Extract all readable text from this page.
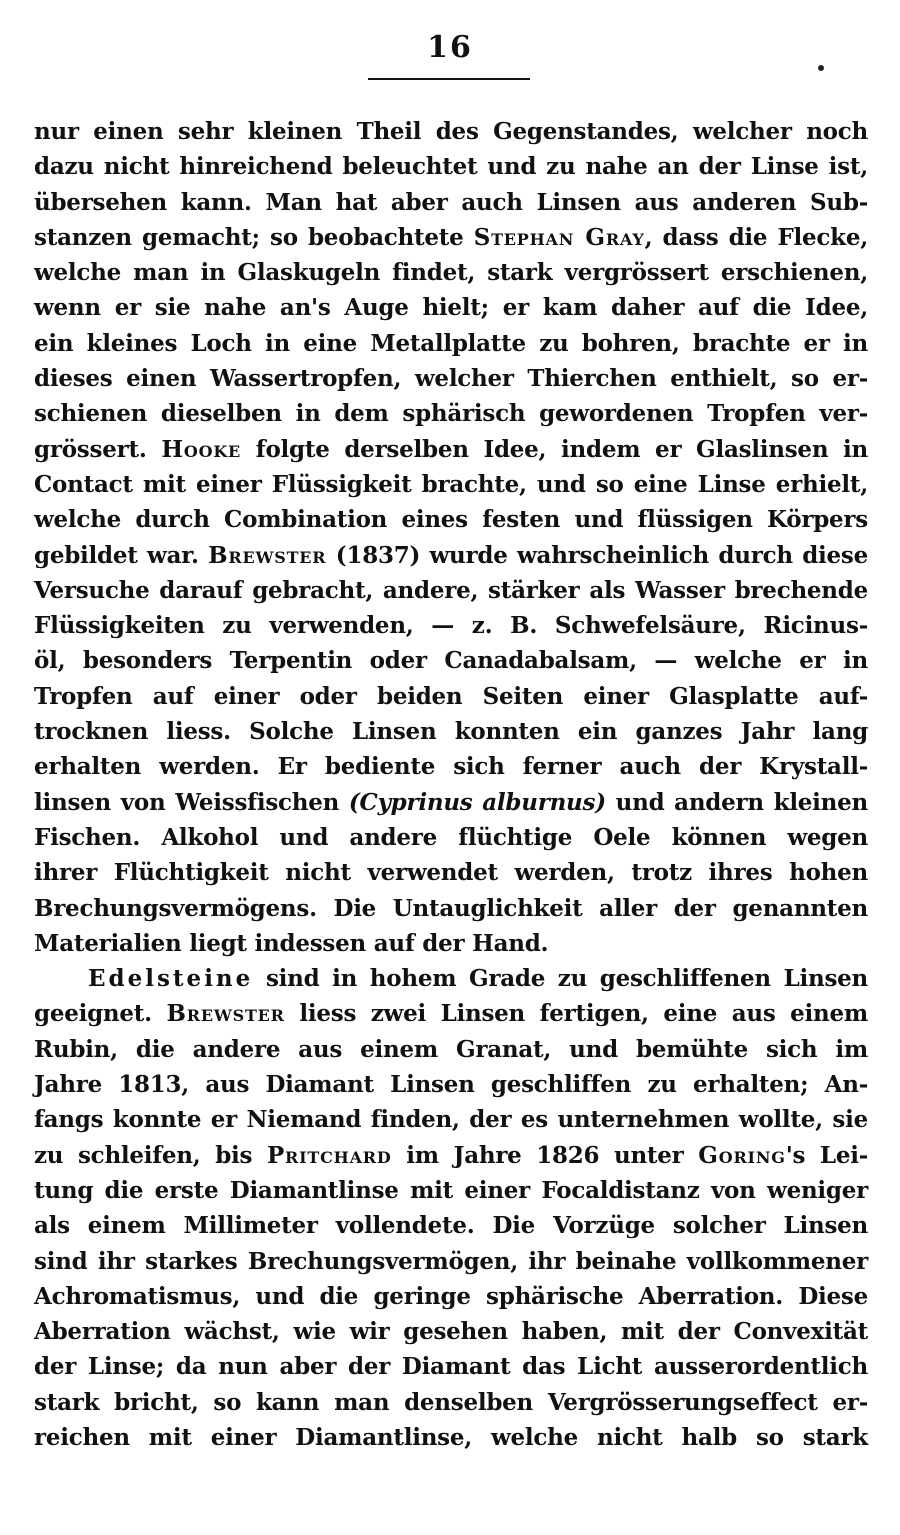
16
nur einen sehr kleinen Theil des Gegenstandes, welcher noch
dazu nicht hinreichend beleuchtet und zu nahe an der Linse ist,
übersehen kann. Man hat aber auch Linsen aus anderen Sub-
stanzen gemacht; so beobachtete Stephan Gray, dass die Flecke,
welche man in Glaskugeln findet, stark vergrössert erschienen,
wenn er sie nahe an's Auge hielt; er kam daher auf die Idee,
ein kleines Loch in eine Metallplatte zu bohren, brachte er in
dieses einen Wassertropfen, welcher Thierchen enthielt, so er-
schienen dieselben in dem sphärisch gewordenen Tropfen ver-
grössert. Hooke folgte derselben Idee, indem er Glaslinsen in
Contact mit einer Flüssigkeit brachte, und so eine Linse erhielt,
welche durch Combination eines festen und flüssigen Körpers
gebildet war. Brewster (1837) wurde wahrscheinlich durch diese
Versuche darauf gebracht, andere, stärker als Wasser brechende
Flüssigkeiten zu verwenden, — z. B. Schwefelsäure, Ricinus-
öl, besonders Terpentin oder Canadabalsam, — welche er in
Tropfen auf einer oder beiden Seiten einer Glasplatte auf-
trocknen liess. Solche Linsen konnten ein ganzes Jahr lang
erhalten werden. Er bediente sich ferner auch der Krystall-
linsen von Weissfischen (Cyprinus alburnus) und andern kleinen
Fischen. Alkohol und andere flüchtige Oele können wegen
ihrer Flüchtigkeit nicht verwendet werden, trotz ihres hohen
Brechungsvermögens. Die Untauglichkeit aller der genannten
Materialien liegt indessen auf der Hand.
Edelsteine sind in hohem Grade zu geschliffenen Linsen
geeignet. Brewster liess zwei Linsen fertigen, eine aus einem
Rubin, die andere aus einem Granat, und bemühte sich im
Jahre 1813, aus Diamant Linsen geschliffen zu erhalten; An-
fangs konnte er Niemand finden, der es unternehmen wollte, sie
zu schleifen, bis Pritchard im Jahre 1826 unter Goring's Lei-
tung die erste Diamantlinse mit einer Focaldistanz von weniger
als einem Millimeter vollendete. Die Vorzüge solcher Linsen
sind ihr starkes Brechungsvermögen, ihr beinahe vollkommener
Achromatismus, und die geringe sphärische Aberration. Diese
Aberration wächst, wie wir gesehen haben, mit der Convexität
der Linse; da nun aber der Diamant das Licht ausserordentlich
stark bricht, so kann man denselben Vergrösserungseffect er-
reichen mit einer Diamantlinse, welche nicht halb so stark
